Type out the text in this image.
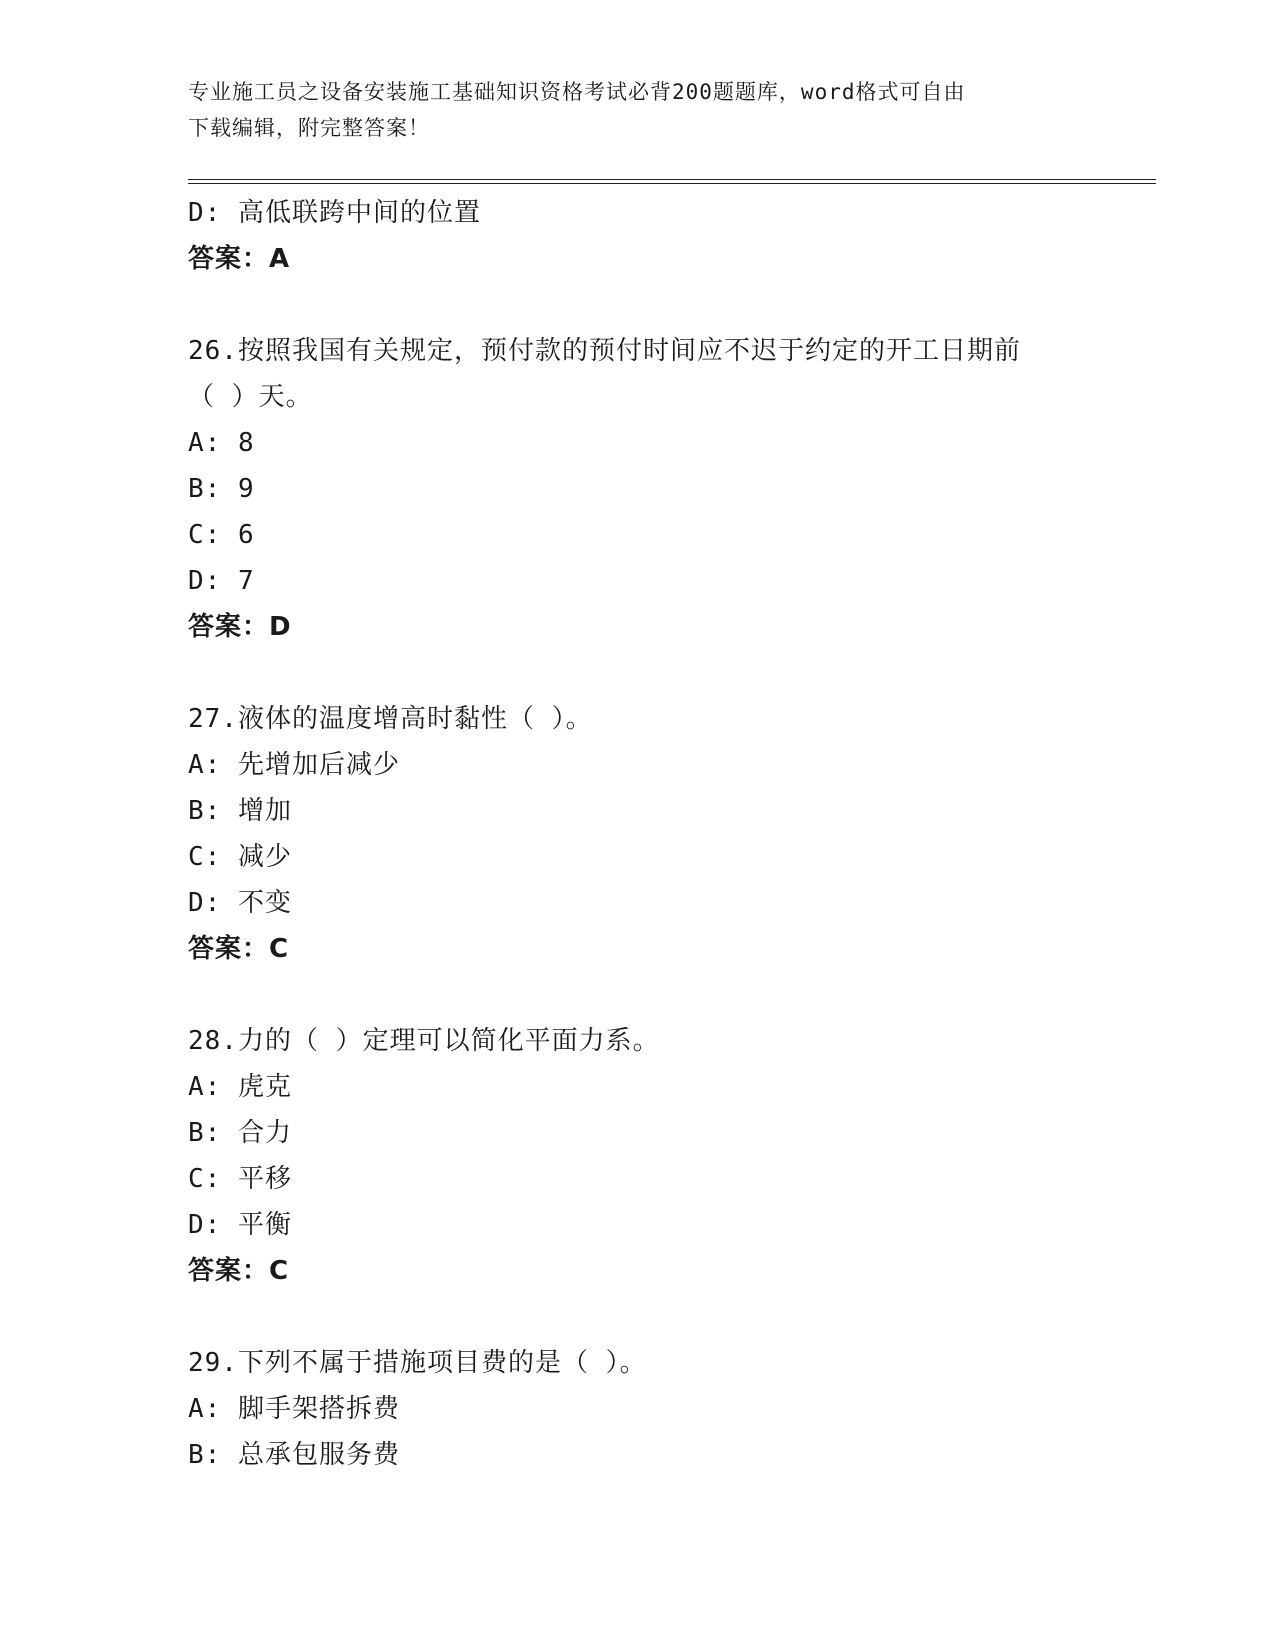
专业施工员之设备安装施工基础知识资格考试必背200题题库，word格式可自由
下载编辑，附完整答案！
D: 高低联跨中间的位置
答案：A
26.按照我国有关规定，预付款的预付时间应不迟于约定的开工日期前
（ ）天。
A: 8
B: 9
C: 6
D: 7
答案：D
27.液体的温度增高时黏性（ ）。
A: 先增加后减少
B: 增加
C: 减少
D: 不变
答案：C
28.力的（ ）定理可以简化平面力系。
A: 虎克
B: 合力
C: 平移
D: 平衡
答案：C
29.下列不属于措施项目费的是（ ）。
A: 脚手架搭拆费
B: 总承包服务费
